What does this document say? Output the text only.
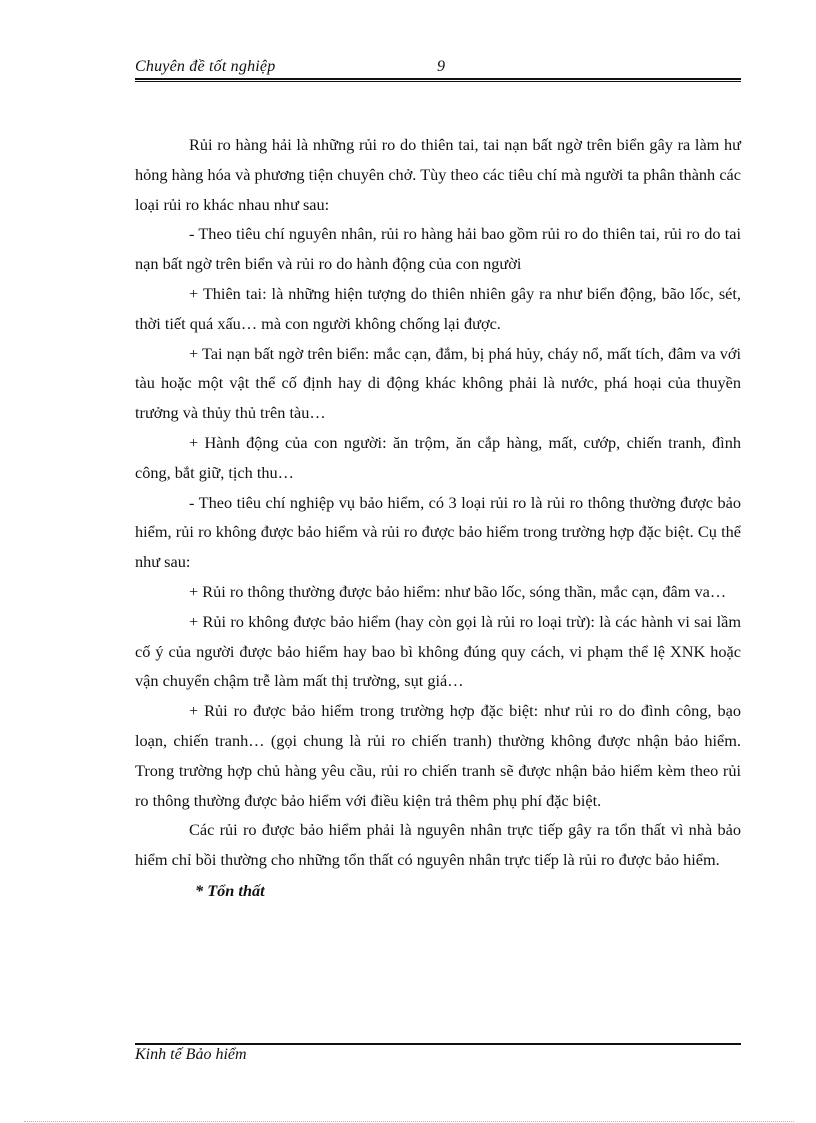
Chuyên đề tốt nghiệp	9

Rủi ro hàng hải là những rủi ro do thiên tai, tai nạn bất ngờ trên biển gây ra làm hư hỏng hàng hóa và phương tiện chuyên chở. Tùy theo các tiêu chí mà người ta phân thành các loại rủi ro khác nhau như sau:

- Theo tiêu chí nguyên nhân, rủi ro hàng hải bao gồm rủi ro do thiên tai, rủi ro do tai nạn bất ngờ trên biển và rủi ro do hành động của con người

+ Thiên tai: là những hiện tượng do thiên nhiên gây ra như biển động, bão lốc, sét, thời tiết quá xấu… mà con người không chống lại được.

+ Tai nạn bất ngờ trên biển: mắc cạn, đắm, bị phá hủy, cháy nổ, mất tích, đâm va với tàu hoặc một vật thể cố định hay di động khác không phải là nước, phá hoại của thuyền trưởng và thủy thủ trên tàu…

+ Hành động của con người: ăn trộm, ăn cắp hàng, mất, cướp, chiến tranh, đình công, bắt giữ, tịch thu…

- Theo tiêu chí nghiệp vụ bảo hiểm, có 3 loại rủi ro là rủi ro thông thường được bảo hiểm, rủi ro không được bảo hiểm và rủi ro được bảo hiểm trong trường hợp đặc biệt. Cụ thể như sau:

+ Rủi ro thông thường được bảo hiểm: như bão lốc, sóng thần, mắc cạn, đâm va…

+ Rủi ro không được bảo hiểm (hay còn gọi là rủi ro loại trừ): là các hành vi sai lầm cố ý của người được bảo hiểm hay bao bì không đúng quy cách, vi phạm thể lệ XNK hoặc vận chuyển chậm trễ làm mất thị trường, sụt giá…

+ Rủi ro được bảo hiểm trong trường hợp đặc biệt: như rủi ro do đình công, bạo loạn, chiến tranh… (gọi chung là rủi ro chiến tranh) thường không được nhận bảo hiểm. Trong trường hợp chủ hàng yêu cầu, rủi ro chiến tranh sẽ được nhận bảo hiểm kèm theo rủi ro thông thường được bảo hiểm với điều kiện trả thêm phụ phí đặc biệt.

Các rủi ro được bảo hiểm phải là nguyên nhân trực tiếp gây ra tổn thất vì nhà bảo hiểm chỉ bồi thường cho những tổn thất có nguyên nhân trực tiếp là rủi ro được bảo hiểm.

* Tổn thất

Kinh tế Bảo hiểm
